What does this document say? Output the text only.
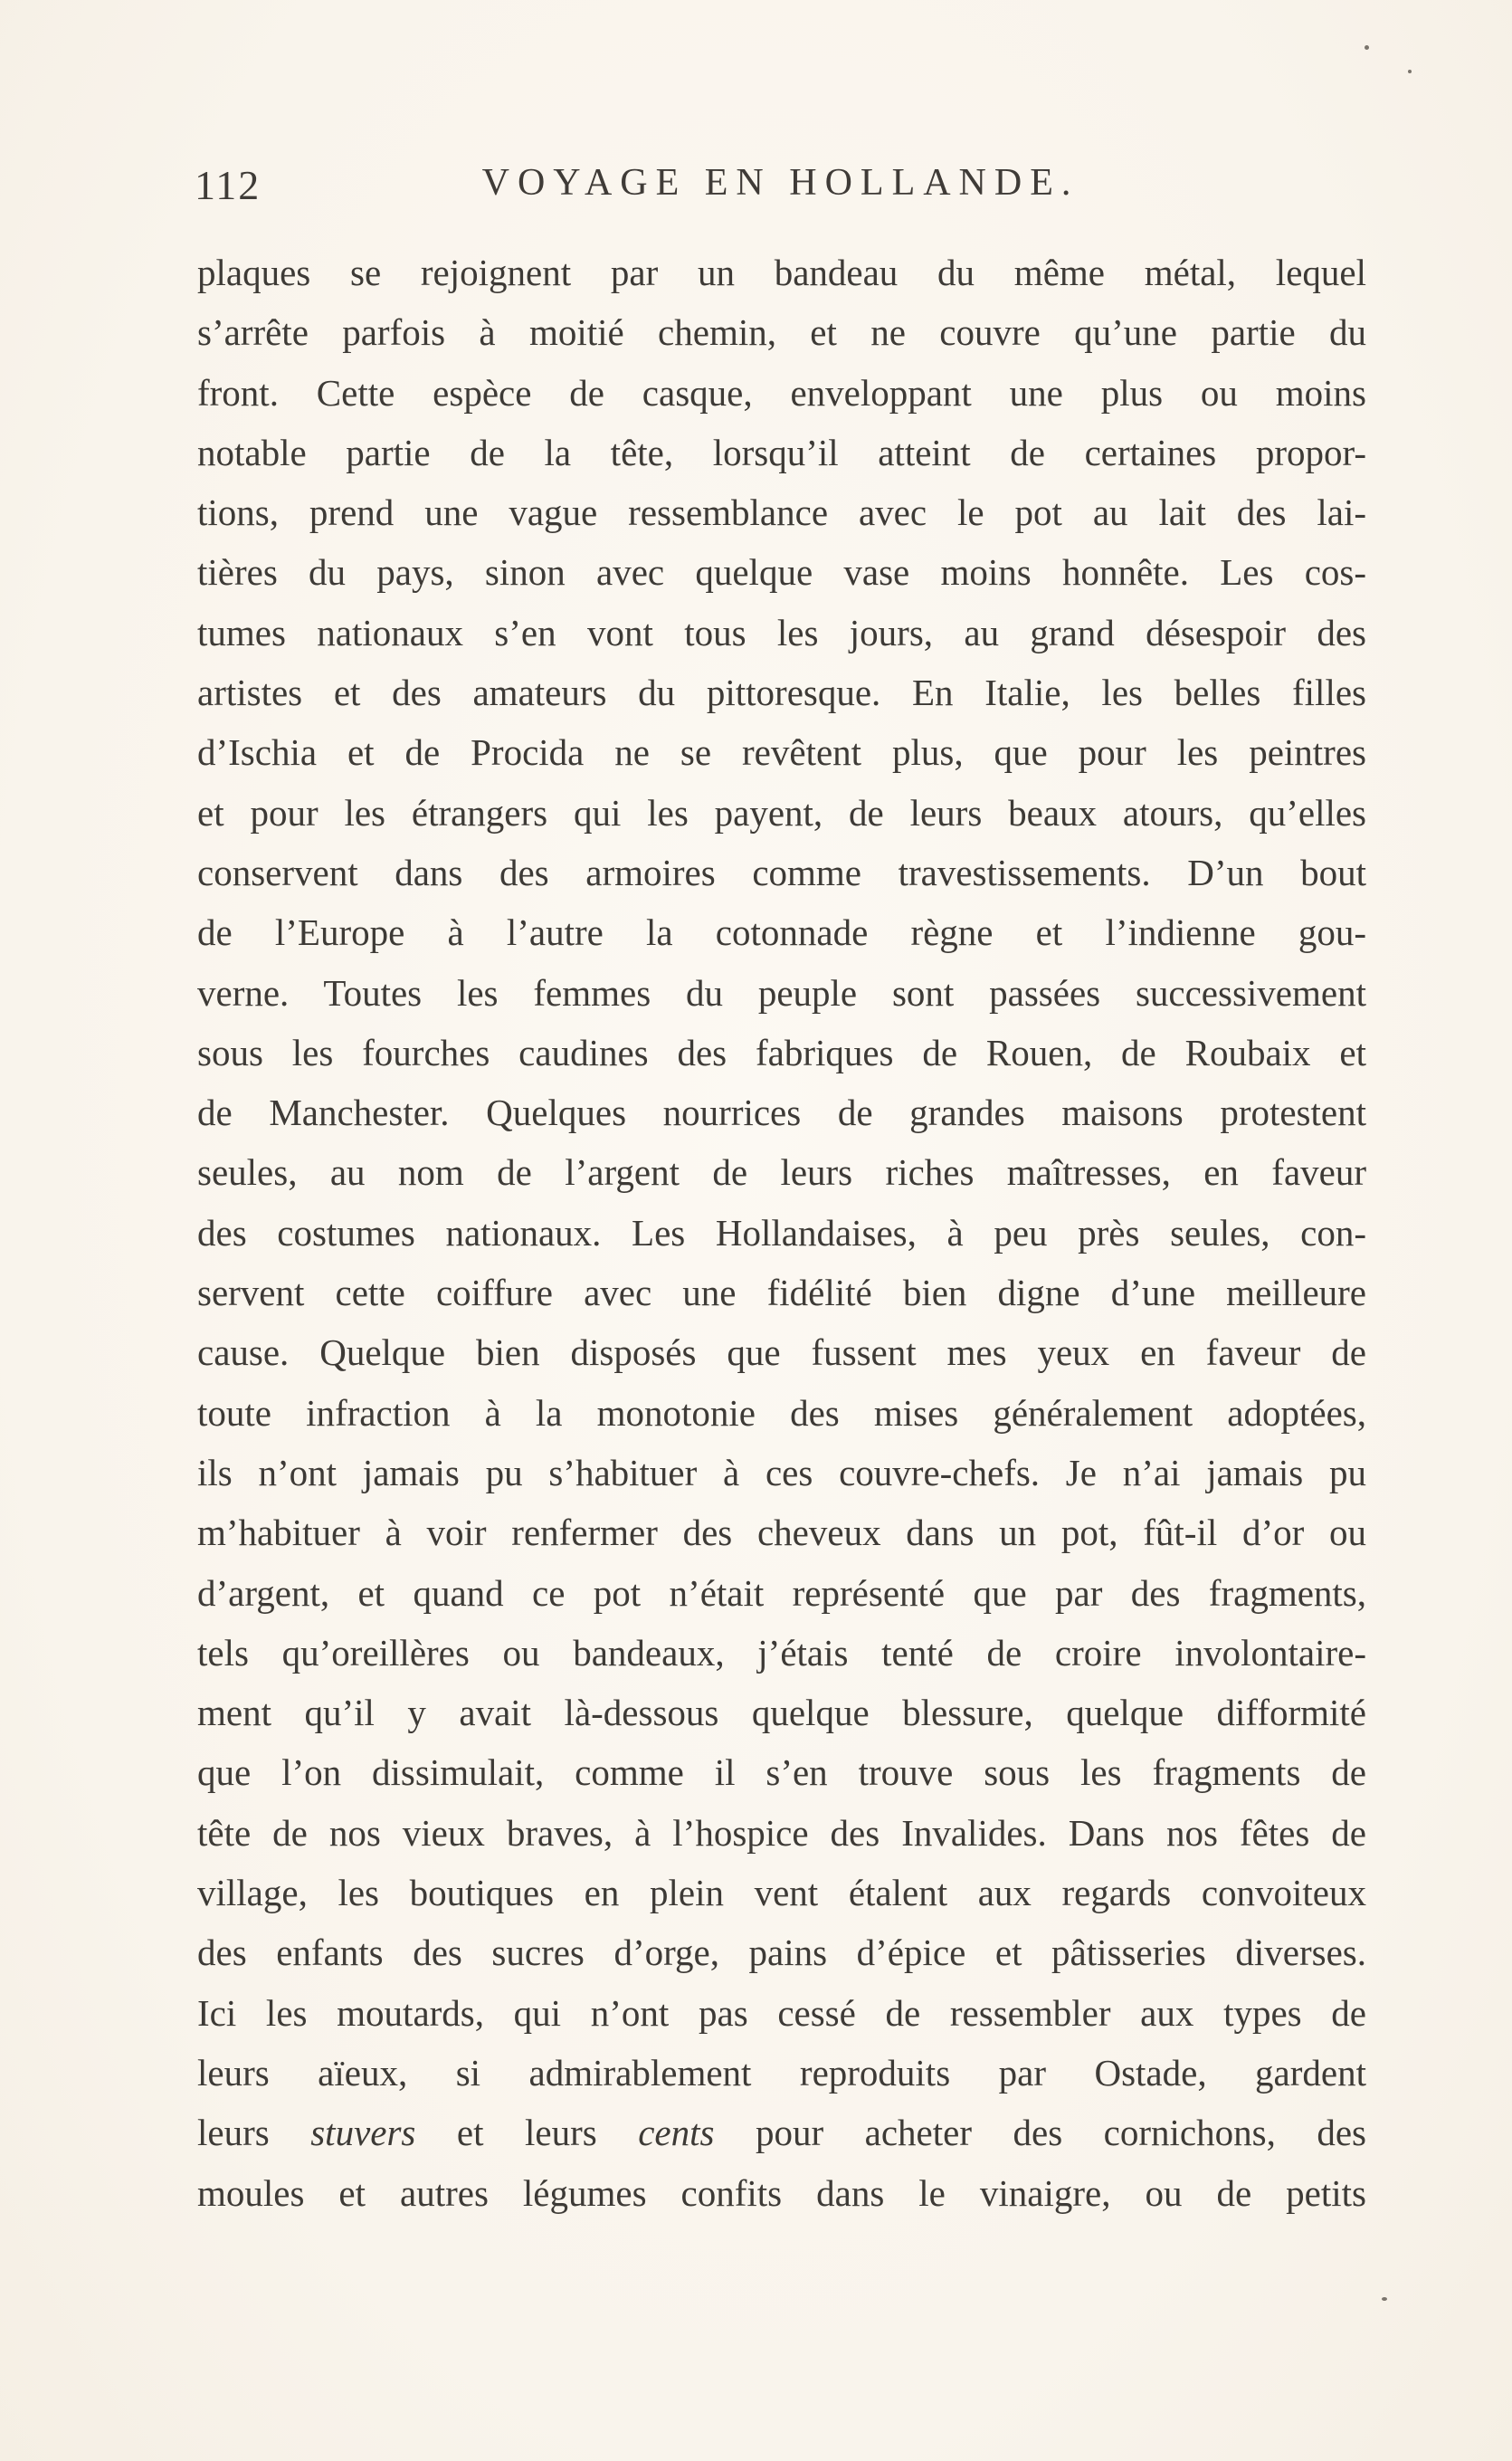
112	VOYAGE EN HOLLANDE.
plaques se rejoignent par un bandeau du même métal, lequel
s’arrête parfois à moitié chemin, et ne couvre qu’une partie du
front. Cette espèce de casque, enveloppant une plus ou moins
notable partie de la tête, lorsqu’il atteint de certaines propor-
tions, prend une vague ressemblance avec le pot au lait des lai-
tières du pays, sinon avec quelque vase moins honnête. Les cos-
tumes nationaux s’en vont tous les jours, au grand désespoir des
artistes et des amateurs du pittoresque. En Italie, les belles filles
d’Ischia et de Procida ne se revêtent plus, que pour les peintres
et pour les étrangers qui les payent, de leurs beaux atours, qu’elles
conservent dans des armoires comme travestissements. D’un bout
de l’Europe à l’autre la cotonnade règne et l’indienne gou-
verne. Toutes les femmes du peuple sont passées successivement
sous les fourches caudines des fabriques de Rouen, de Roubaix et
de Manchester. Quelques nourrices de grandes maisons protestent
seules, au nom de l’argent de leurs riches maîtresses, en faveur
des costumes nationaux. Les Hollandaises, à peu près seules, con-
servent cette coiffure avec une fidélité bien digne d’une meilleure
cause. Quelque bien disposés que fussent mes yeux en faveur de
toute infraction à la monotonie des mises généralement adoptées,
ils n’ont jamais pu s’habituer à ces couvre-chefs. Je n’ai jamais pu
m’habituer à voir renfermer des cheveux dans un pot, fût-il d’or ou
d’argent, et quand ce pot n’était représenté que par des fragments,
tels qu’oreillères ou bandeaux, j’étais tenté de croire involontaire-
ment qu’il y avait là-dessous quelque blessure, quelque difformité
que l’on dissimulait, comme il s’en trouve sous les fragments de
tête de nos vieux braves, à l’hospice des Invalides. Dans nos fêtes de
village, les boutiques en plein vent étalent aux regards convoiteux
des enfants des sucres d’orge, pains d’épice et pâtisseries diverses.
Ici les moutards, qui n’ont pas cessé de ressembler aux types de
leurs aïeux, si admirablement reproduits par Ostade, gardent
leurs stuvers et leurs cents pour acheter des cornichons, des
moules et autres légumes confits dans le vinaigre, ou de petits
